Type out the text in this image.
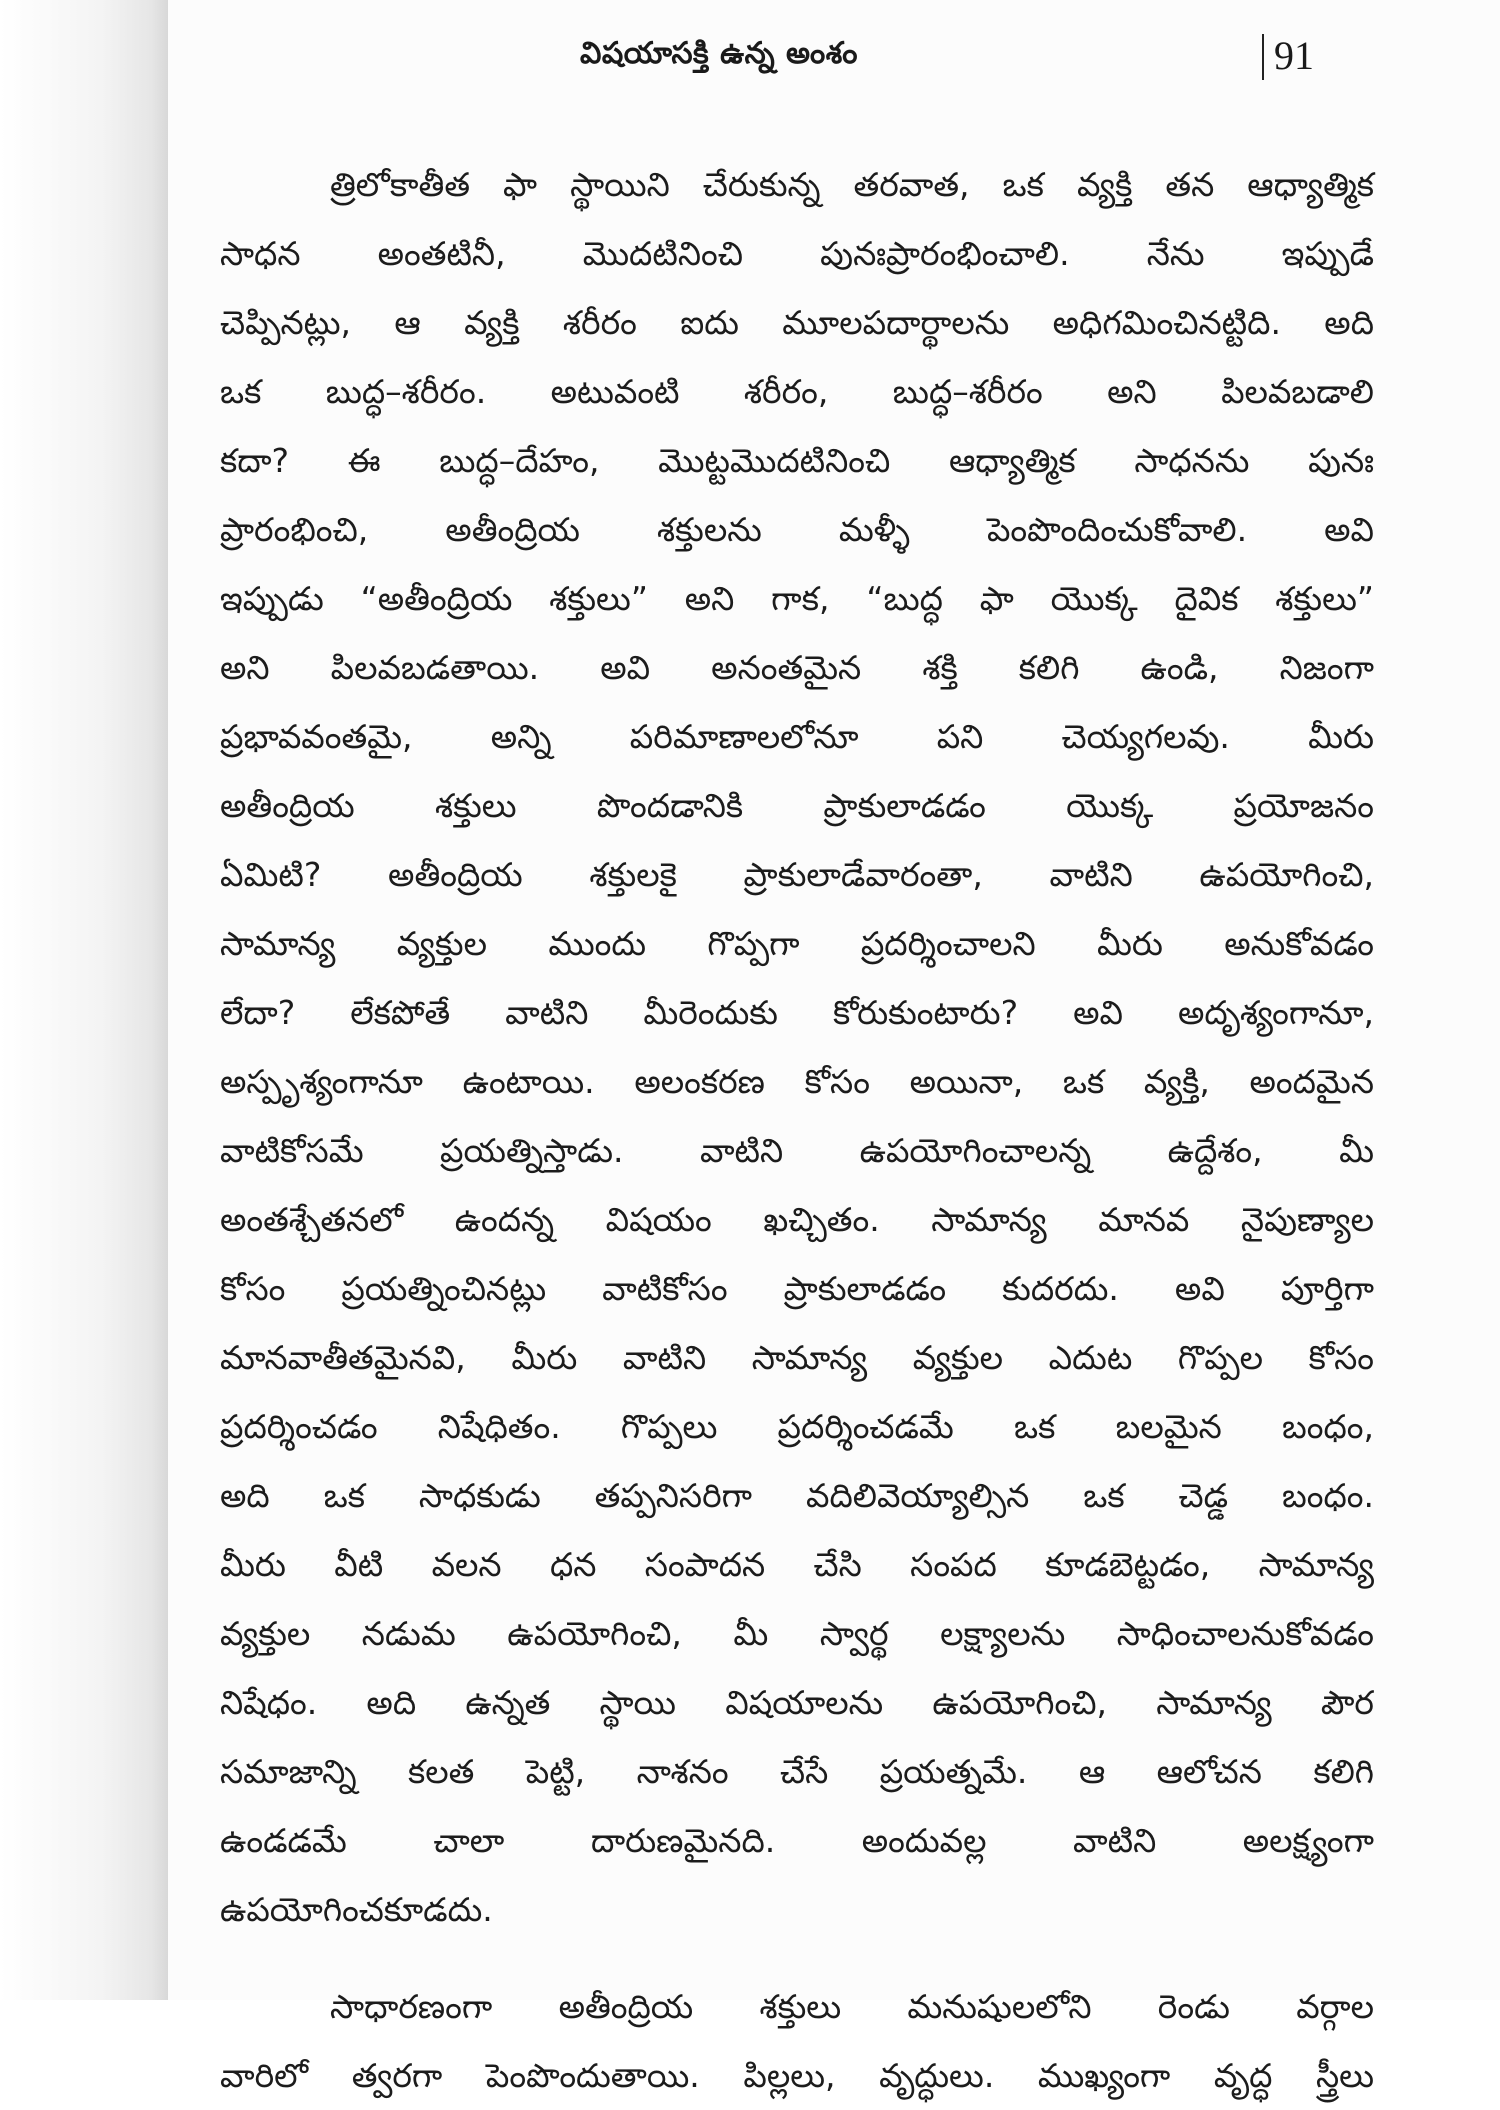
విషయాసక్తి ఉన్న అంశం	91
త్రిలోకాతీత ఫా స్థాయిని చేరుకున్న తరవాత, ఒక వ్యక్తి తన ఆధ్యాత్మిక
సాధన అంతటినీ, మొదటినించి పునఃప్రారంభించాలి. నేను ఇప్పుడే
చెప్పినట్లు, ఆ వ్యక్తి శరీరం ఐదు మూలపదార్థాలను అధిగమించినట్టిది. అది
ఒక బుద్ధ–శరీరం. అటువంటి శరీరం, బుద్ధ–శరీరం అని పిలవబడాలి
కదా? ఈ బుద్ధ–దేహం, మొట్టమొదటినించి ఆధ్యాత్మిక సాధనను పునః
ప్రారంభించి, అతీంద్రియ శక్తులను మళ్ళీ పెంపొందించుకోవాలి. అవి
ఇప్పుడు “అతీంద్రియ శక్తులు” అని గాక, “బుద్ధ ఫా యొక్క దైవిక శక్తులు”
అని పిలవబడతాయి. అవి అనంతమైన శక్తి కలిగి ఉండి, నిజంగా
ప్రభావవంతమై, అన్ని పరిమాణాలలోనూ పని చెయ్యగలవు. మీరు
అతీంద్రియ శక్తులు పొందడానికి ప్రాకులాడడం యొక్క ప్రయోజనం
ఏమిటి? అతీంద్రియ శక్తులకై ప్రాకులాడేవారంతా, వాటిని ఉపయోగించి,
సామాన్య వ్యక్తుల ముందు గొప్పగా ప్రదర్శించాలని మీరు అనుకోవడం
లేదా? లేకపోతే వాటిని మీరెందుకు కోరుకుంటారు? అవి అదృశ్యంగానూ,
అస్పృశ్యంగానూ ఉంటాయి. అలంకరణ కోసం అయినా, ఒక వ్యక్తి, అందమైన
వాటికోసమే ప్రయత్నిస్తాడు. వాటిని ఉపయోగించాలన్న ఉద్దేశం, మీ
అంతశ్చేతనలో ఉందన్న విషయం ఖచ్చితం. సామాన్య మానవ నైపుణ్యాల
కోసం ప్రయత్నించినట్లు వాటికోసం ప్రాకులాడడం కుదరదు. అవి పూర్తిగా
మానవాతీతమైనవి, మీరు వాటిని సామాన్య వ్యక్తుల ఎదుట గొప్పల కోసం
ప్రదర్శించడం నిషేధితం. గొప్పలు ప్రదర్శించడమే ఒక బలమైన బంధం,
అది ఒక సాధకుడు తప్పనిసరిగా వదిలివెయ్యాల్సిన ఒక చెడ్డ బంధం.
మీరు వీటి వలన ధన సంపాదన చేసి సంపద కూడబెట్టడం, సామాన్య
వ్యక్తుల నడుమ ఉపయోగించి, మీ స్వార్థ లక్ష్యాలను సాధించాలనుకోవడం
నిషేధం. అది ఉన్నత స్థాయి విషయాలను ఉపయోగించి, సామాన్య పౌర
సమాజాన్ని కలత పెట్టి, నాశనం చేసే ప్రయత్నమే. ఆ ఆలోచన కలిగి
ఉండడమే చాలా దారుణమైనది. అందువల్ల వాటిని అలక్ష్యంగా
ఉపయోగించకూడదు.
సాధారణంగా అతీంద్రియ శక్తులు మనుషులలోని రెండు వర్గాల
వారిలో త్వరగా పెంపొందుతాయి. పిల్లలు, వృద్ధులు. ముఖ్యంగా వృద్ధ స్త్రీలు
